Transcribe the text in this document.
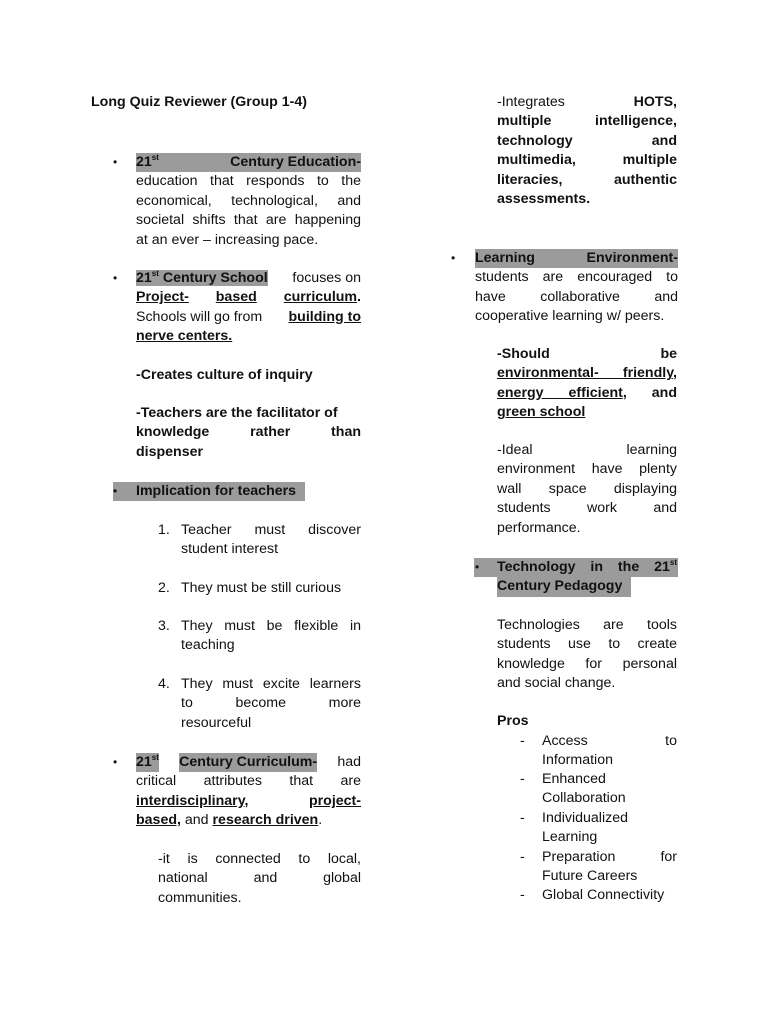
Long Quiz Reviewer (Group 1-4)
• 21st	Century Education-
education that responds to the
economical, technological, and
societal shifts that are happening
at an ever – increasing pace.
• 21st Century School focuses on
Project- based curriculum.
Schools will go from building to
nerve centers.
-Creates culture of inquiry
-Teachers are the facilitator of
knowledge	rather	than
dispenser
• Implication for teachers
1. Teacher must discover
student interest
2. They must be still curious
3. They must be flexible in
teaching
4. They must excite learners
to	become	more
resourceful
• 21st Century Curriculum- had
critical attributes that are
interdisciplinary,	project-
based, and research driven.
-it is connected to local,
national	and	global
communities.
-Integrates	HOTS,
multiple intelligence,
technology	and
multimedia,	multiple
literacies,	authentic
assessments.
• Learning Environment-
students are encouraged to
have collaborative and
cooperative learning w/ peers.
-Should	be
environmental- friendly,
energy efficient, and
green school
-Ideal	learning
environment have plenty
wall space displaying
students	work	and
performance.
• Technology in the 21st
Century Pedagogy
Technologies are tools
students use to create
knowledge for personal
and social change.
Pros
- Access	to
Information
- Enhanced
Collaboration
- Individualized
Learning
- Preparation	for
Future Careers
- Global Connectivity
